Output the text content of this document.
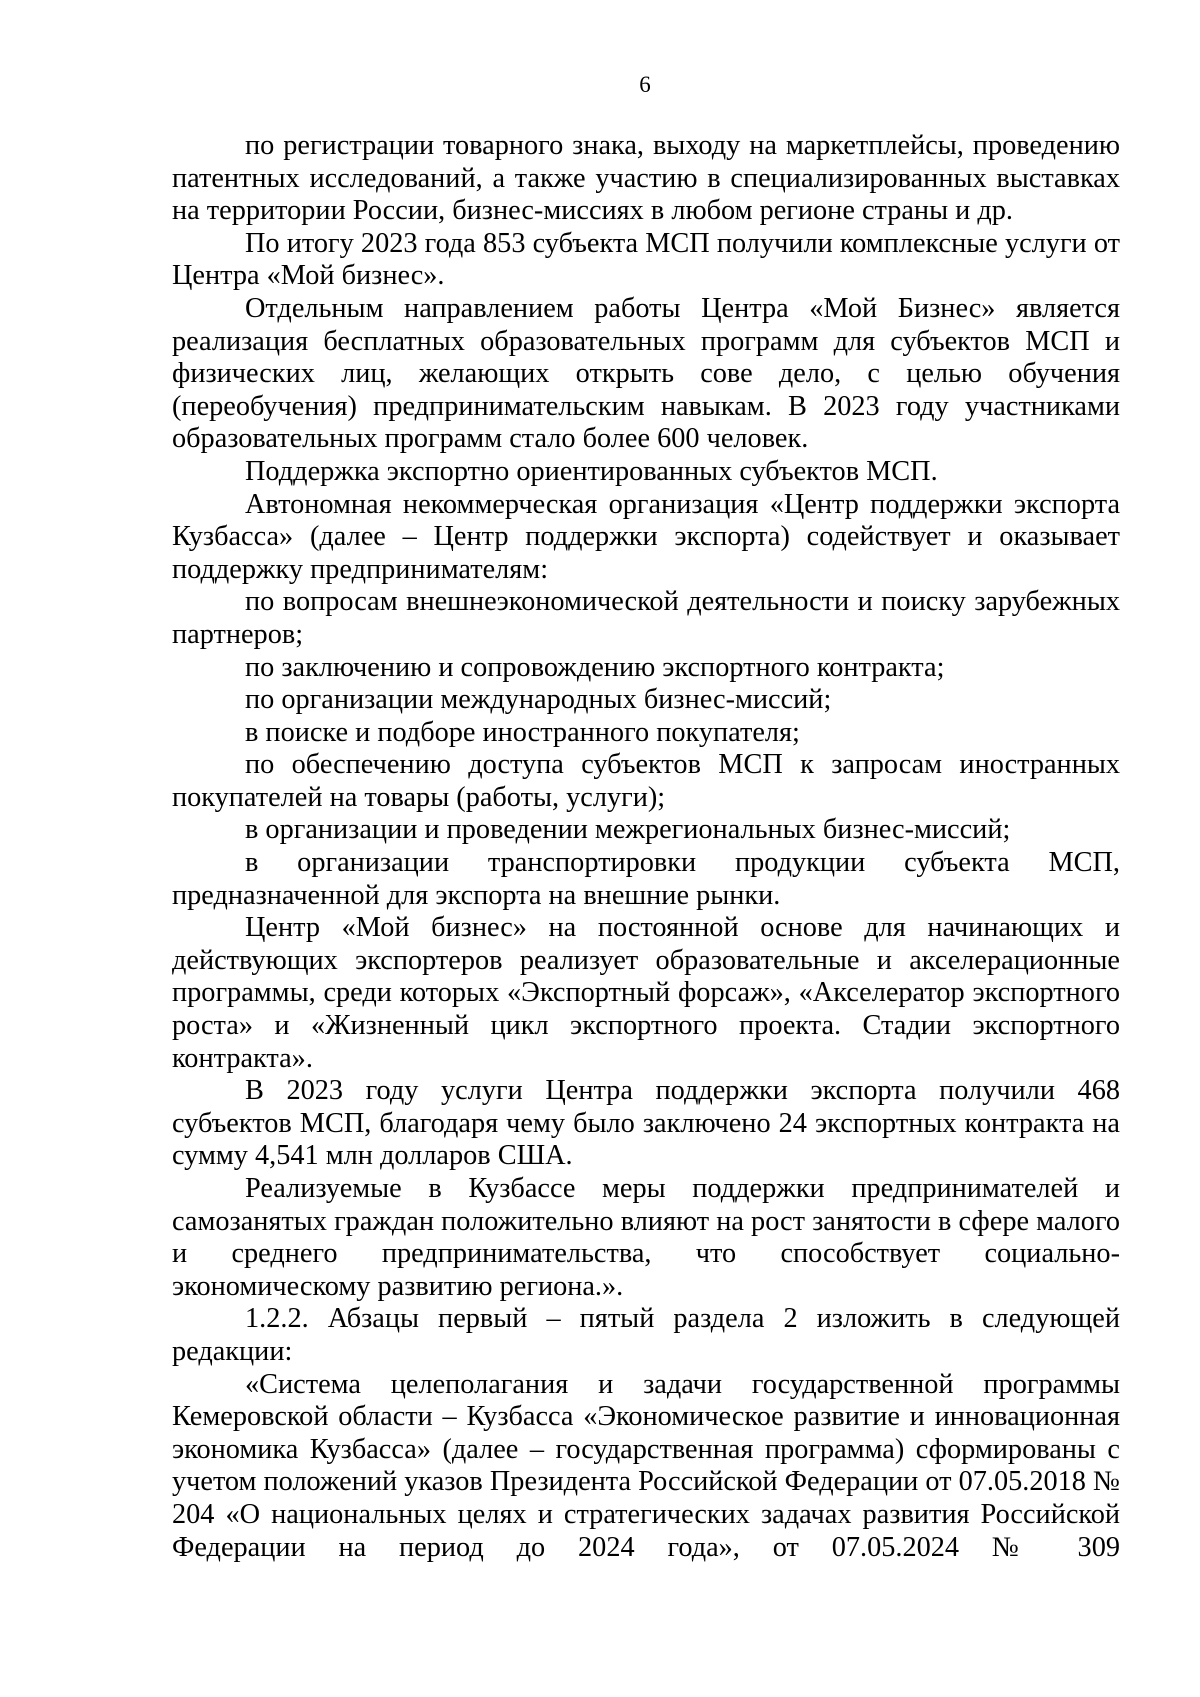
6

по регистрации товарного знака, выходу на маркетплейсы, проведению патентных исследований, а также участию в специализированных выставках на территории России, бизнес-миссиях в любом регионе страны и др.

По итогу 2023 года 853 субъекта МСП получили комплексные услуги от Центра «Мой бизнес».

Отдельным направлением работы Центра «Мой Бизнес» является реализация бесплатных образовательных программ для субъектов МСП и физических лиц, желающих открыть сове дело, с целью обучения (переобучения) предпринимательским навыкам. В 2023 году участниками образовательных программ стало более 600 человек.

Поддержка экспортно ориентированных субъектов МСП.

Автономная некоммерческая организация «Центр поддержки экспорта Кузбасса» (далее – Центр поддержки экспорта) содействует и оказывает поддержку предпринимателям:

по вопросам внешнеэкономической деятельности и поиску зарубежных партнеров;

по заключению и сопровождению экспортного контракта;

по организации международных бизнес-миссий;

в поиске и подборе иностранного покупателя;

по обеспечению доступа субъектов МСП к запросам иностранных покупателей на товары (работы, услуги);

в организации и проведении межрегиональных бизнес-миссий;

в организации транспортировки продукции субъекта МСП, предназначенной для экспорта на внешние рынки.

Центр «Мой бизнес» на постоянной основе для начинающих и действующих экспортеров реализует образовательные и акселерационные программы, среди которых «Экспортный форсаж», «Акселератор экспортного роста» и «Жизненный цикл экспортного проекта. Стадии экспортного контракта».

В 2023 году услуги Центра поддержки экспорта получили 468 субъектов МСП, благодаря чему было заключено 24 экспортных контракта на сумму 4,541 млн долларов США.

Реализуемые в Кузбассе меры поддержки предпринимателей и самозанятых граждан положительно влияют на рост занятости в сфере малого и среднего предпринимательства, что способствует социально-экономическому развитию региона.».

1.2.2. Абзацы первый – пятый раздела 2 изложить в следующей редакции:

«Система целеполагания и задачи государственной программы Кемеровской области – Кузбасса «Экономическое развитие и инновационная экономика Кузбасса» (далее – государственная программа) сформированы с учетом положений указов Президента Российской Федерации от 07.05.2018 № 204 «О национальных целях и стратегических задачах развития Российской Федерации на период до 2024 года», от 07.05.2024 № 309
